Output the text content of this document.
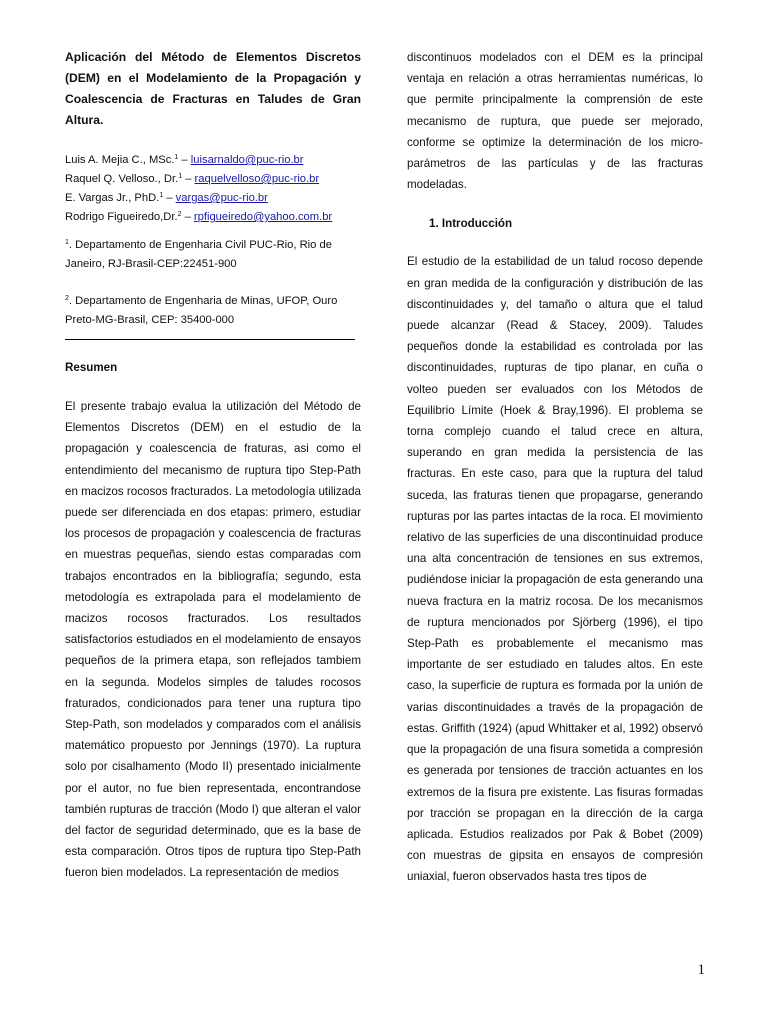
Aplicación del Método de Elementos Discretos (DEM) en el Modelamiento de la Propagación y Coalescencia de Fracturas en Taludes de Gran Altura.
Luis A. Mejia C., MSc.$^1$ – luisarnaldo@puc-rio.br
Raquel Q. Velloso., Dr.$^1$ – raquelvelloso@puc-rio.br
E. Vargas Jr., PhD.$^1$ – vargas@puc-rio.br
Rodrigo Figueiredo,Dr.$^2$ – rpfigueiredo@yahoo.com.br
$^1$. Departamento de Engenharia Civil PUC-Rio, Rio de Janeiro, RJ-Brasil-CEP:22451-900
$^2$. Departamento de Engenharia de Minas, UFOP, Ouro Preto-MG-Brasil, CEP: 35400-000
Resumen

El presente trabajo evalua la utilización del Método de Elementos Discretos (DEM) en el estudio de la propagación y coalescencia de fraturas, asi como el entendimiento del mecanismo de ruptura tipo Step-Path en macizos rocosos fracturados. La metodología utilizada puede ser diferenciada en dos etapas: primero, estudiar los procesos de propagación y coalescencia de fracturas en muestras pequeñas, siendo estas comparadas com trabajos encontrados en la bibliografía; segundo, esta metodología es extrapolada para el modelamiento de macizos rocosos fracturados. Los resultados satisfactorios estudiados en el modelamiento de ensayos pequeños de la primera etapa, son reflejados tambiem en la segunda. Modelos simples de taludes rocosos fraturados, condicionados para tener una ruptura tipo Step-Path, son modelados y comparados com el análisis matemático propuesto por Jennings (1970). La ruptura solo por cisalhamento (Modo II) presentado inicialmente por el autor, no fue bien representada, encontrandose también rupturas de tracción (Modo I) que alteran el valor del factor de seguridad determinado, que es la base de esta comparación. Otros tipos de ruptura tipo Step-Path fueron bien modelados. La representación de medios

discontinuos modelados con el DEM es la principal ventaja en relación a otras herramientas numéricas, lo que permite principalmente la comprensión de este mecanismo de ruptura, que puede ser mejorado, conforme se optimize la determinación de los micro-parámetros de las partículas y de las fracturas modeladas.

1. Introducción

El estudio de la estabilidad de un talud rocoso depende en gran medida de la configuración y distribución de las discontinuidades y, del tamaño o altura que el talud puede alcanzar (Read & Stacey, 2009). Taludes pequeños donde la estabilidad es controlada por las discontinuidades, rupturas de tipo planar, en cuña o volteo pueden ser evaluados con los Métodos de Equilibrio Límite (Hoek & Bray,1996). El problema se torna complejo cuando el talud crece en altura, superando en gran medida la persistencia de las fracturas. En este caso, para que la ruptura del talud suceda, las fraturas tienen que propagarse, generando rupturas por las partes intactas de la roca. El movimiento relativo de las superficies de una discontinuidad produce una alta concentración de tensiones en sus extremos, pudiéndose iniciar la propagación de esta generando una nueva fractura en la matriz rocosa. De los mecanismos de ruptura mencionados por Sjörberg (1996), el tipo Step-Path es probablemente el mecanismo mas importante de ser estudiado en taludes altos. En este caso, la superficie de ruptura es formada por la unión de varias discontinuidades a través de la propagación de estas. Griffith (1924) (apud Whittaker et al, 1992) observó que la propagación de una fisura sometida a compresión es generada por tensiones de tracción actuantes en los extremos de la fisura pre existente. Las fisuras formadas por tracción se propagan en la dirección de la carga aplicada. Estudios realizados por Pak & Bobet (2009) con muestras de gipsita en ensayos de compresión uniaxial, fueron observados hasta tres tipos de

1
